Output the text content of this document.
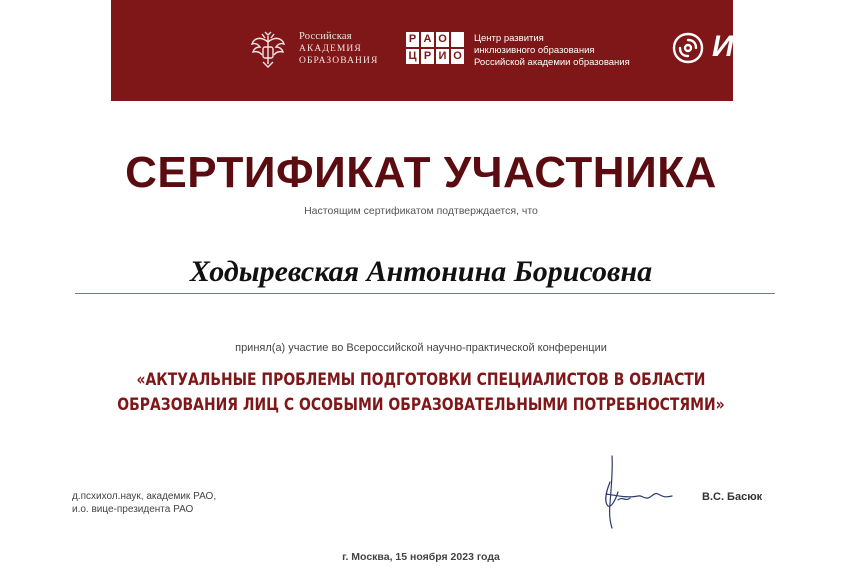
Российская
АКАДЕМИЯ
ОБРАЗОВАНИЯ
Р А О
Ц Р И О
Центр развития
инклюзивного образования
Российской академии образования	ИКП
СЕРТИФИКАТ УЧАСТНИКА
Настоящим сертификатом подтверждается, что
Ходыревская Антонина Борисовна
принял(а) участие во Всероссийской научно-практической конференции
«АКТУАЛЬНЫЕ ПРОБЛЕМЫ ПОДГОТОВКИ СПЕЦИАЛИСТОВ В ОБЛАСТИ
ОБРАЗОВАНИЯ ЛИЦ С ОСОБЫМИ ОБРАЗОВАТЕЛЬНЫМИ ПОТРЕБНОСТЯМИ»
д.псхихол.наук, академик РАО,
и.о. вице-президента РАО
В.С. Басюк
г. Москва, 15 ноября 2023 года
